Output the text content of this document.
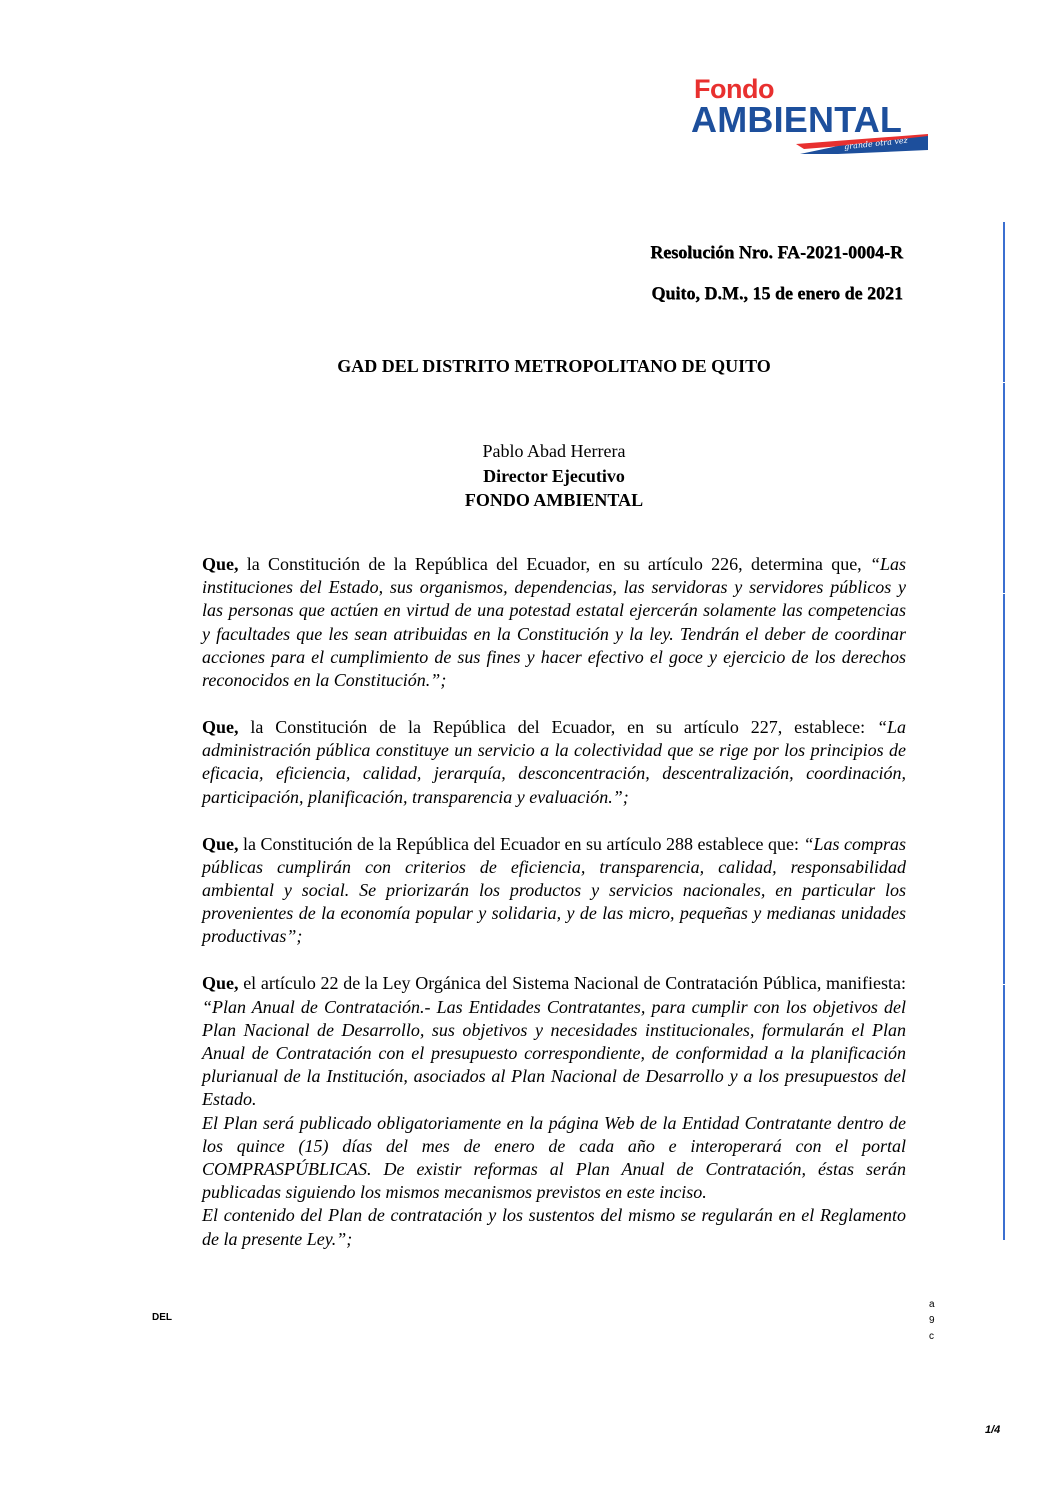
Fondo
AMBIENTAL
grande otra vez
Resolución Nro. FA-2021-0004-R
Quito, D.M., 15 de enero de 2021
GAD DEL DISTRITO METROPOLITANO DE QUITO
Pablo Abad Herrera
Director Ejecutivo
FONDO AMBIENTAL

Que, la Constitución de la República del Ecuador, en su artículo 226, determina que, “Las instituciones del Estado, sus organismos, dependencias, las servidoras y servidores públicos y las personas que actúen en virtud de una potestad estatal ejercerán solamente las competencias y facultades que les sean atribuidas en la Constitución y la ley. Tendrán el deber de coordinar acciones para el cumplimiento de sus fines y hacer efectivo el goce y ejercicio de los derechos reconocidos en la Constitución.”;

Que, la Constitución de la República del Ecuador, en su artículo 227, establece: “La administración pública constituye un servicio a la colectividad que se rige por los principios de eficacia, eficiencia, calidad, jerarquía, desconcentración, descentralización, coordinación, participación, planificación, transparencia y evaluación.”;

Que, la Constitución de la República del Ecuador en su artículo 288 establece que: “Las compras públicas cumplirán con criterios de eficiencia, transparencia, calidad, responsabilidad ambiental y social. Se priorizarán los productos y servicios nacionales, en particular los provenientes de la economía popular y solidaria, y de las micro, pequeñas y medianas unidades productivas”;

Que, el artículo 22 de la Ley Orgánica del Sistema Nacional de Contratación Pública, manifiesta: “Plan Anual de Contratación.- Las Entidades Contratantes, para cumplir con los objetivos del Plan Nacional de Desarrollo, sus objetivos y necesidades institucionales, formularán el Plan Anual de Contratación con el presupuesto correspondiente, de conformidad a la planificación plurianual de la Institución, asociados al Plan Nacional de Desarrollo y a los presupuestos del Estado.
El Plan será publicado obligatoriamente en la página Web de la Entidad Contratante dentro de los quince (15) días del mes de enero de cada año e interoperará con el portal COMPRASPÚBLICAS. De existir reformas al Plan Anual de Contratación, éstas serán publicadas siguiendo los mismos mecanismos previstos en este inciso.
El contenido del Plan de contratación y los sustentos del mismo se regularán en el Reglamento de la presente Ley.”;

DEL
a
9
c
1/4
